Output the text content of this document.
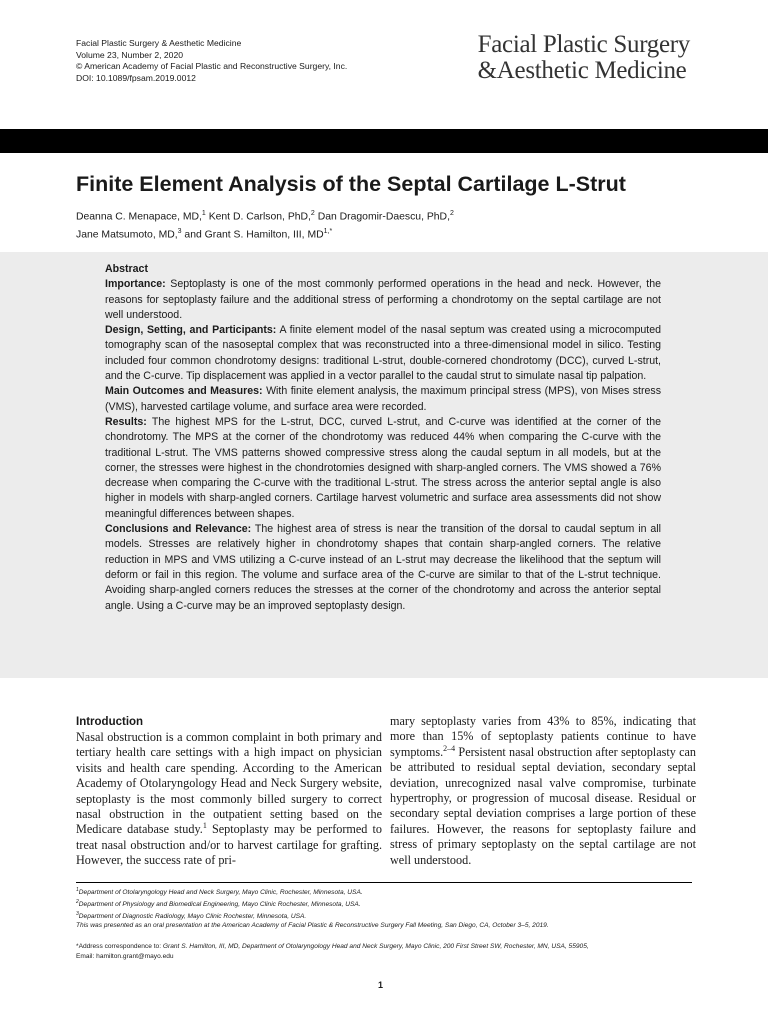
Facial Plastic Surgery & Aesthetic Medicine
Volume 23, Number 2, 2020
© American Academy of Facial Plastic and Reconstructive Surgery, Inc.
DOI: 10.1089/fpsam.2019.0012
Facial Plastic Surgery
&Aesthetic Medicine
Finite Element Analysis of the Septal Cartilage L-Strut
Deanna C. Menapace, MD,$^1$ Kent D. Carlson, PhD,$^2$ Dan Dragomir-Daescu, PhD,$^2$
Jane Matsumoto, MD,$^3$ and Grant S. Hamilton, III, $MD^{1,*}$

Abstract

Importance: Septoplasty is one of the most commonly performed operations in the head and neck. However, the reasons for septoplasty failure and the additional stress of performing a chondrotomy on the septal cartilage are not well understood.

Design, Setting, and Participants: A finite element model of the nasal septum was created using a microcomputed tomography scan of the nasoseptal complex that was reconstructed into a three-dimensional model in silico. Testing included four common chondrotomy designs: traditional L-strut, double-cornered chondrotomy (DCC), curved L-strut, and the C-curve. Tip displacement was applied in a vector parallel to the caudal strut to simulate nasal tip palpation.

Main Outcomes and Measures: With finite element analysis, the maximum principal stress (MPS), von Mises stress (VMS), harvested cartilage volume, and surface area were recorded.

Results: The highest MPS for the L-strut, DCC, curved L-strut, and C-curve was identified at the corner of the chondrotomy. The MPS at the corner of the chondrotomy was reduced 44% when comparing the C-curve with the traditional L-strut. The VMS patterns showed compressive stress along the caudal septum in all models, but at the corner, the stresses were highest in the chondrotomies designed with sharp-angled corners. The VMS showed a 76% decrease when comparing the C-curve with the traditional L-strut. The stress across the anterior septal angle is also higher in models with sharp-angled corners. Cartilage harvest volumetric and surface area assessments did not show meaningful differences between shapes.

Conclusions and Relevance: The highest area of stress is near the transition of the dorsal to caudal septum in all models. Stresses are relatively higher in chondrotomy shapes that contain sharp-angled corners. The relative reduction in MPS and VMS utilizing a C-curve instead of an L-strut may decrease the likelihood that the septum will deform or fail in this region. The volume and surface area of the C-curve are similar to that of the L-strut technique. Avoiding sharp-angled corners reduces the stresses at the corner of the chondrotomy and across the anterior septal angle. Using a C-curve may be an improved septoplasty design.

Introduction

Nasal obstruction is a common complaint in both primary and tertiary health care settings with a high impact on physician visits and health care spending. According to the American Academy of Otolaryngology Head and Neck Surgery website, septoplasty is the most commonly billed surgery to correct nasal obstruction in the outpatient setting based on the Medicare database study.$^1$ Septoplasty may be performed to treat nasal obstruction and/or to harvest cartilage for grafting. However, the success rate of pri-

mary septoplasty varies from 43% to 85%, indicating that more than 15% of septoplasty patients continue to have symptoms.$^{2-4}$ Persistent nasal obstruction after septoplasty can be attributed to residual septal deviation, secondary septal deviation, unrecognized nasal valve compromise, turbinate hypertrophy, or progression of mucosal disease. Residual or secondary septal deviation comprises a large portion of these failures. However, the reasons for septoplasty failure and stress of primary septoplasty on the septal cartilage are not well understood.

$^1$Department of Otolaryngology Head and Neck Surgery, Mayo Clinic, Rochester, Minnesota, USA.
$^2$Department of Physiology and Biomedical Engineering, Mayo Clinic Rochester, Minnesota, USA.
$^3$Department of Diagnostic Radiology, Mayo Clinic Rochester, Minnesota, USA.
This was presented as an oral presentation at the American Academy of Facial Plastic & Reconstructive Surgery Fall Meeting, San Diego, CA, October 3–5, 2019.
*Address correspondence to: Grant S. Hamilton, III, MD, Department of Otolaryngology Head and Neck Surgery, Mayo Clinic, 200 First Street SW, Rochester, MN, USA, 55905,
Email: hamilton.grant@mayo.edu
1
